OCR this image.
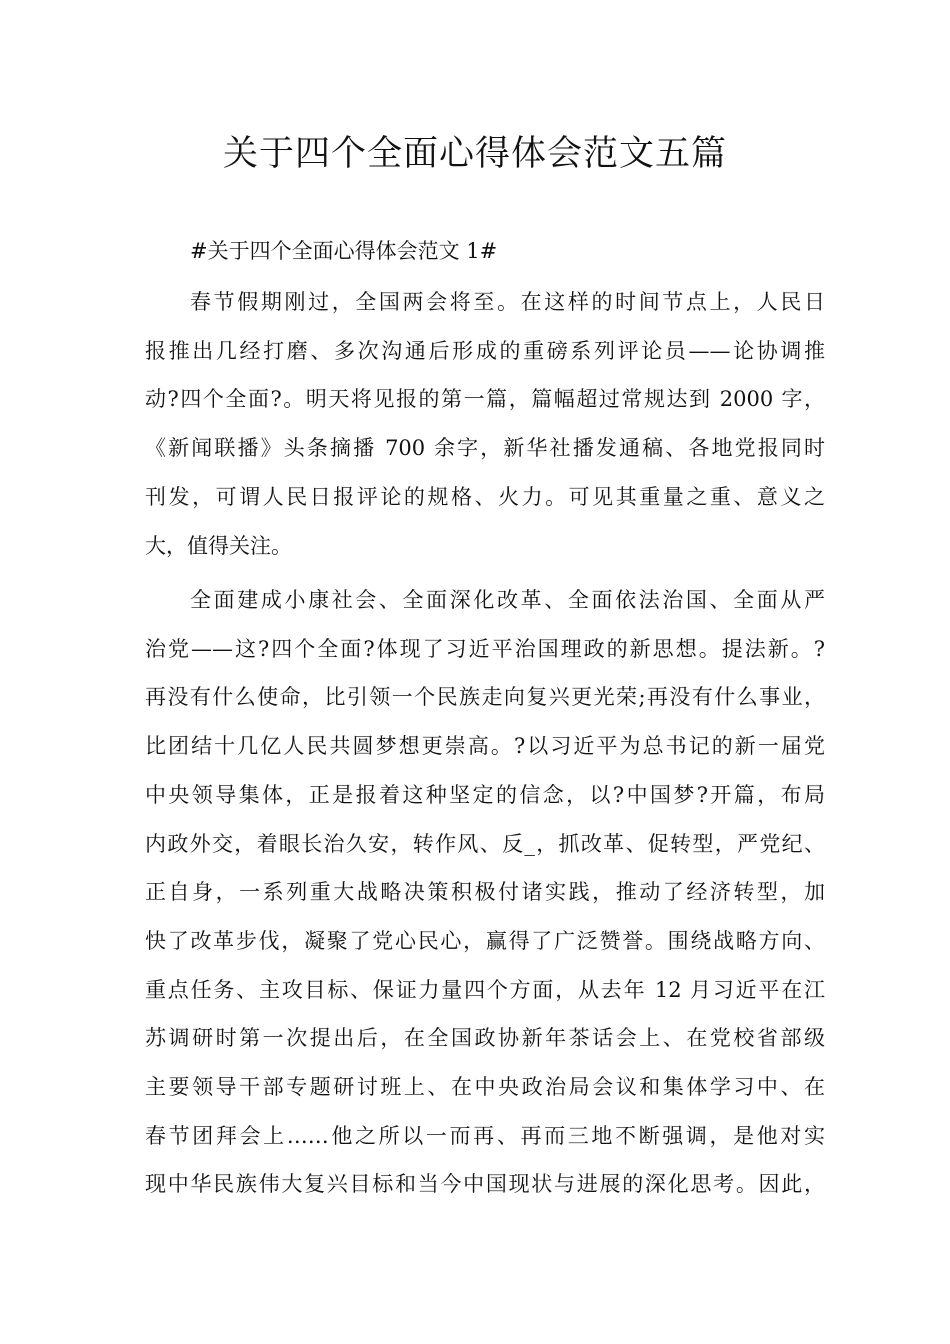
关于四个全面心得体会范文五篇

#关于四个全面心得体会范文 1#

春节假期刚过，全国两会将至。在这样的时间节点上，人民日
报推出几经打磨、多次沟通后形成的重磅系列评论员——论协调推
动?四个全面?。明天将见报的第一篇，篇幅超过常规达到 2000 字，
《新闻联播》头条摘播 700 余字，新华社播发通稿、各地党报同时
刊发，可谓人民日报评论的规格、火力。可见其重量之重、意义之
大，值得关注。
全面建成小康社会、全面深化改革、全面依法治国、全面从严
治党——这?四个全面?体现了习近平治国理政的新思想。提法新。?
再没有什么使命，比引领一个民族走向复兴更光荣;再没有什么事业，
比团结十几亿人民共圆梦想更崇高。?以习近平为总书记的新一届党
中央领导集体，正是报着这种坚定的信念，以?中国梦?开篇，布局
内政外交，着眼长治久安，转作风、反_，抓改革、促转型，严党纪、
正自身，一系列重大战略决策积极付诸实践，推动了经济转型，加
快了改革步伐，凝聚了党心民心，赢得了广泛赞誉。围绕战略方向、
重点任务、主攻目标、保证力量四个方面，从去年 12 月习近平在江
苏调研时第一次提出后，在全国政协新年茶话会上、在党校省部级
主要领导干部专题研讨班上、在中央政治局会议和集体学习中、在
春节团拜会上……他之所以一而再、再而三地不断强调，是他对实
现中华民族伟大复兴目标和当今中国现状与进展的深化思考。因此，
